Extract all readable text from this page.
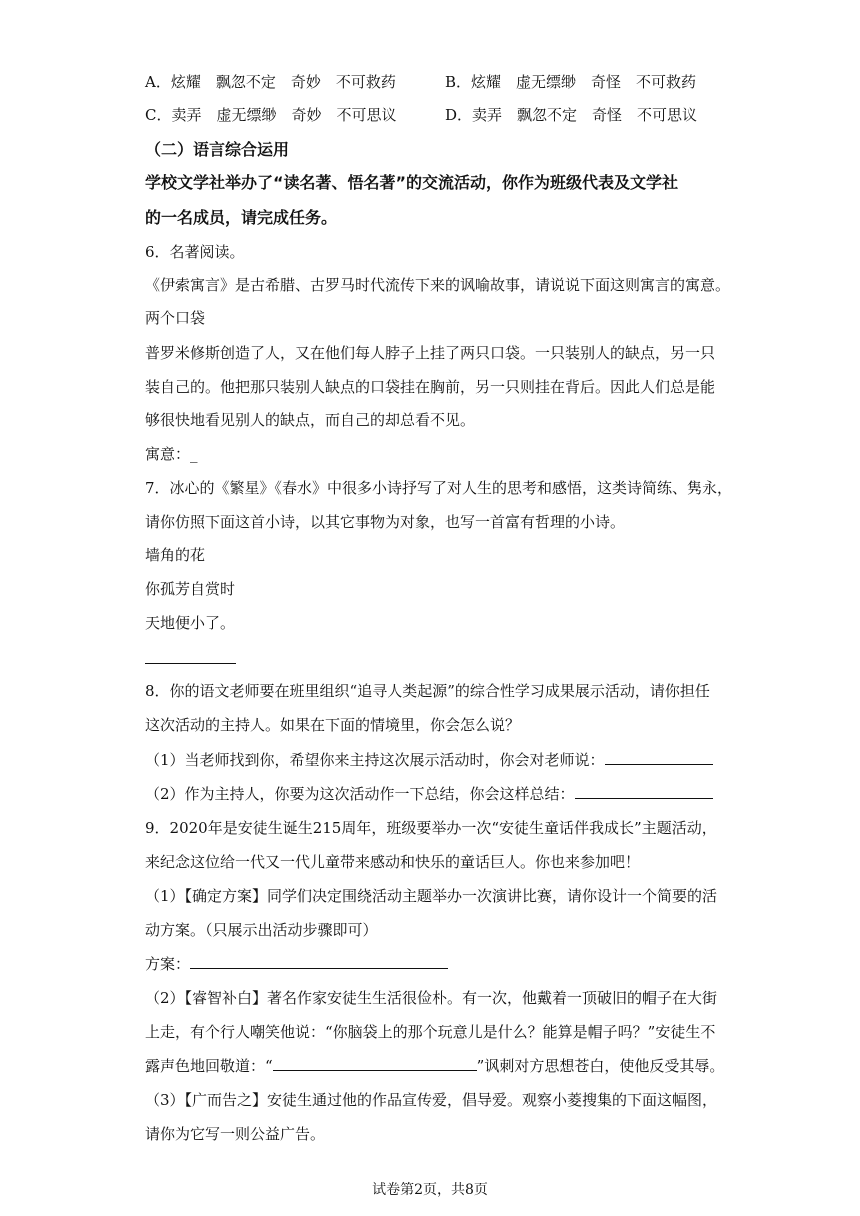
A．炫耀　飘忽不定　奇妙　不可救药	B．炫耀　虚无缥缈　奇怪　不可救药
C．卖弄　虚无缥缈　奇妙　不可思议	D．卖弄　飘忽不定　奇怪　不可思议
（二）语言综合运用
学校文学社举办了“读名著、悟名著”的交流活动，你作为班级代表及文学社
的一名成员，请完成任务。
6．名著阅读。
《伊索寓言》是古希腊、古罗马时代流传下来的讽喻故事，请说说下面这则寓言的寓意。
两个口袋
普罗米修斯创造了人，又在他们每人脖子上挂了两只口袋。一只装别人的缺点，另一只
装自己的。他把那只装别人缺点的口袋挂在胸前，另一只则挂在背后。因此人们总是能
够很快地看见别人的缺点，而自己的却总看不见。
寓意：_
7．冰心的《繁星》《春水》中很多小诗抒写了对人生的思考和感悟，这类诗简练、隽永，
请你仿照下面这首小诗，以其它事物为对象，也写一首富有哲理的小诗。
墙角的花
你孤芳自赏时
天地便小了。
8．你的语文老师要在班里组织“追寻人类起源”的综合性学习成果展示活动，请你担任
这次活动的主持人。如果在下面的情境里，你会怎么说？
（1）当老师找到你，希望你来主持这次展示活动时，你会对老师说：
（2）作为主持人，你要为这次活动作一下总结，你会这样总结：
9．2020年是安徒生诞生215周年，班级要举办一次“安徒生童话伴我成长”主题活动，
来纪念这位给一代又一代儿童带来感动和快乐的童话巨人。你也来参加吧！
（1）【确定方案】同学们决定围绕活动主题举办一次演讲比赛，请你设计一个简要的活
动方案。（只展示出活动步骤即可）
方案：
（2）【睿智补白】著名作家安徒生生活很俭朴。有一次，他戴着一顶破旧的帽子在大街
上走，有个行人嘲笑他说：“你脑袋上的那个玩意儿是什么？能算是帽子吗？”安徒生不
露声色地回敬道：“	”讽刺对方思想苍白，使他反受其辱。
（3）【广而告之】安徒生通过他的作品宣传爱，倡导爱。观察小菱搜集的下面这幅图，
请你为它写一则公益广告。
试卷第2页，共8页
